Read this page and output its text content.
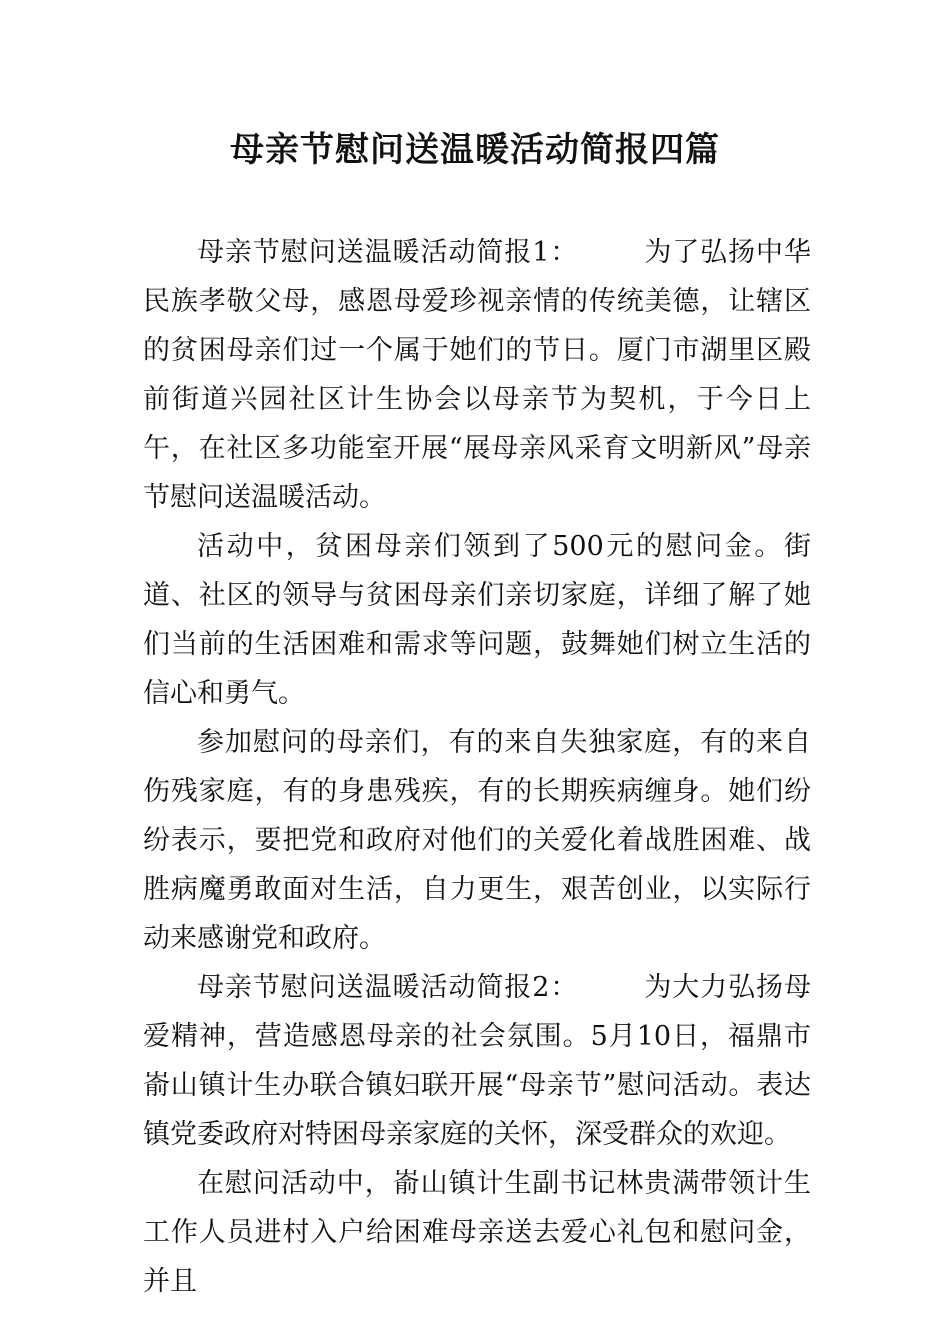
母亲节慰问送温暖活动简报四篇

母亲节慰问送温暖活动简报1： 为了弘扬中华民族孝敬父母，感恩母爱珍视亲情的传统美德，让辖区的贫困母亲们过一个属于她们的节日。厦门市湖里区殿前街道兴园社区计生协会以母亲节为契机，于今日上午，在社区多功能室开展“展母亲风采育文明新风”母亲节慰问送温暖活动。

活动中，贫困母亲们领到了500元的慰问金。街道、社区的领导与贫困母亲们亲切家庭，详细了解了她们当前的生活困难和需求等问题，鼓舞她们树立生活的信心和勇气。

参加慰问的母亲们，有的来自失独家庭，有的来自伤残家庭，有的身患残疾，有的长期疾病缠身。她们纷纷表示，要把党和政府对他们的关爱化着战胜困难、战胜病魔勇敢面对生活，自力更生，艰苦创业，以实际行动来感谢党和政府。

母亲节慰问送温暖活动简报2： 为大力弘扬母爱精神，营造感恩母亲的社会氛围。5月10日，福鼎市嵛山镇计生办联合镇妇联开展“母亲节”慰问活动。表达镇党委政府对特困母亲家庭的关怀，深受群众的欢迎。

在慰问活动中，嵛山镇计生副书记林贵满带领计生工作人员进村入户给困难母亲送去爱心礼包和慰问金，并且
